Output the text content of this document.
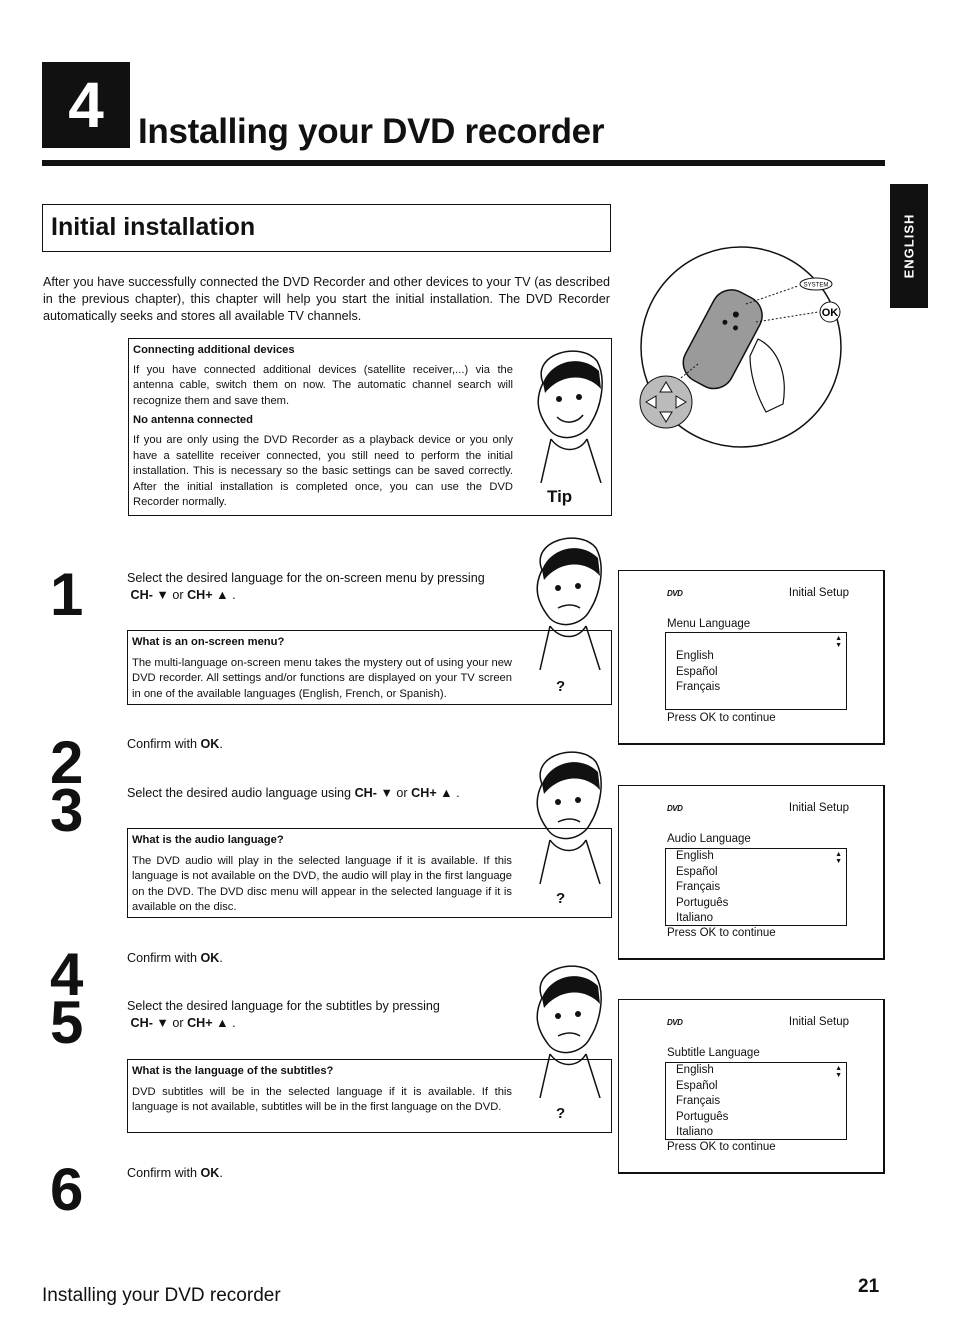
4 Installing your DVD recorder
ENGLISH
Initial installation
After you have successfully connected the DVD Recorder and other devices to your TV (as described in the previous chapter), this chapter will help you start the initial installation. The DVD Recorder automatically seeks and stores all available TV channels.
SYSTEM
OK
Connecting additional devices

If you have connected additional devices (satellite receiver,...) via the antenna cable, switch them on now. The automatic channel search will recognize them and save them.

No antenna connected

If you are only using the DVD Recorder as a playback device or you only have a satellite receiver connected, you still need to perform the initial installation. This is necessary so the basic settings can be saved correctly. After the initial installation is completed once, you can use the DVD Recorder normally.	Tip
1	Select the desired language for the on-screen menu by pressing
CH- ▼ or CH+ ▲ .
What is an on-screen menu?

The multi-language on-screen menu takes the mystery out of using your new DVD recorder. All settings and/or functions are displayed on your TV screen in one of the available languages (English, French, or Spanish).	?
DVD	Initial Setup
Menu Language
▲
▼
English
Español
Français
Press OK to continue
2
3
Confirm with OK.
Select the desired audio language using CH- ▼ or CH+ ▲ .
What is the audio language?

The DVD audio will play in the selected language if it is available. If this language is not available on the DVD, the audio will play in the first language on the DVD. The DVD disc menu will appear in the selected language if it is available on the disc.

?
DVD	Initial Setup
Audio Language
▲
▼
English
Español
Français
Português
Italiano
Press OK to continue
4
5
Confirm with OK.
Select the desired language for the subtitles by pressing
CH- ▼ or CH+ ▲ .
What is the language of the subtitles?

DVD subtitles will be in the selected language if it is available. If this language is not available, subtitles will be in the first language on the DVD.	?
DVD	Initial Setup
Subtitle Language
▲
▼
English
Español
Français
Português
Italiano
Press OK to continue
6	Confirm with OK.
Installing your DVD recorder	21
